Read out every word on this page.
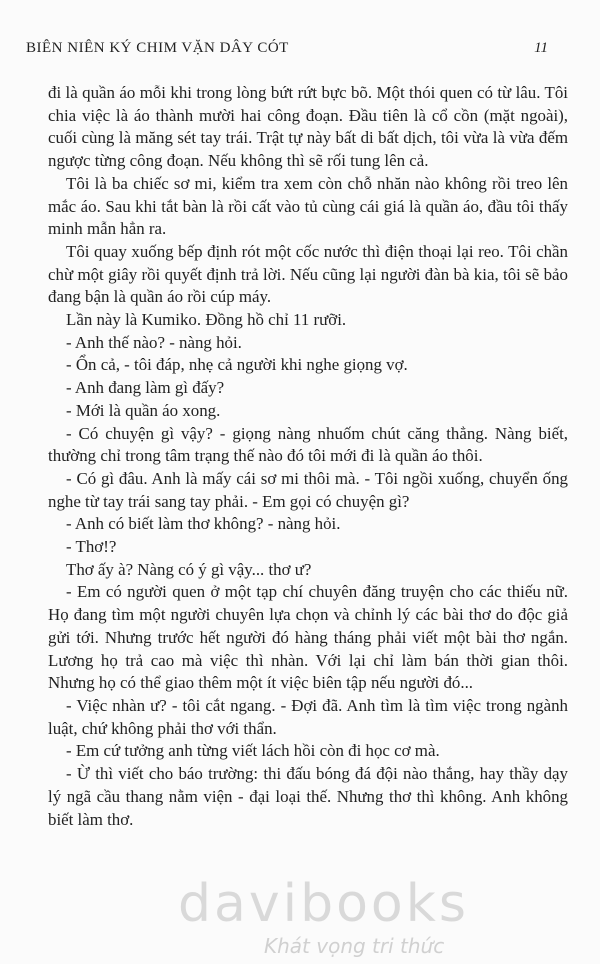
BIÊN NIÊN KÝ CHIM VẶN DÂY CÓT	11

đi là quần áo mỗi khi trong lòng bứt rứt bực bõ. Một thói quen có từ lâu. Tôi chia việc là áo thành mười hai công đoạn. Đầu tiên là cổ cồn (mặt ngoài), cuối cùng là măng sét tay trái. Trật tự này bất di bất dịch, tôi vừa là vừa đếm ngược từng công đoạn. Nếu không thì sẽ rối tung lên cả.

Tôi là ba chiếc sơ mi, kiểm tra xem còn chỗ nhăn nào không rồi treo lên mắc áo. Sau khi tắt bàn là rồi cất vào tủ cùng cái giá là quần áo, đầu tôi thấy minh mẫn hẳn ra.

Tôi quay xuống bếp định rót một cốc nước thì điện thoại lại reo. Tôi chần chừ một giây rồi quyết định trả lời. Nếu cũng lại người đàn bà kia, tôi sẽ bảo đang bận là quần áo rồi cúp máy.

Lần này là Kumiko. Đồng hồ chỉ 11 rưỡi.

- Anh thế nào? - nàng hỏi.

- Ổn cả, - tôi đáp, nhẹ cả người khi nghe giọng vợ.

- Anh đang làm gì đấy?

- Mới là quần áo xong.

- Có chuyện gì vậy? - giọng nàng nhuốm chút căng thẳng. Nàng biết, thường chỉ trong tâm trạng thế nào đó tôi mới đi là quần áo thôi.

- Có gì đâu. Anh là mấy cái sơ mi thôi mà. - Tôi ngồi xuống, chuyển ống nghe từ tay trái sang tay phải. - Em gọi có chuyện gì?

- Anh có biết làm thơ không? - nàng hỏi.

- Thơ!?

Thơ ấy à? Nàng có ý gì vậy... thơ ư?

- Em có người quen ở một tạp chí chuyên đăng truyện cho các thiếu nữ. Họ đang tìm một người chuyên lựa chọn và chỉnh lý các bài thơ do độc giả gửi tới. Nhưng trước hết người đó hàng tháng phải viết một bài thơ ngắn. Lương họ trả cao mà việc thì nhàn. Với lại chỉ làm bán thời gian thôi. Nhưng họ có thể giao thêm một ít việc biên tập nếu người đó...

- Việc nhàn ư? - tôi cắt ngang. - Đợi đã. Anh tìm là tìm việc trong ngành luật, chứ không phải thơ với thẩn.

- Em cứ tưởng anh từng viết lách hồi còn đi học cơ mà.

- Ừ thì viết cho báo trường: thi đấu bóng đá đội nào thắng, hay thầy dạy lý ngã cầu thang nằm viện - đại loại thế. Nhưng thơ thì không. Anh không biết làm thơ.

davibooks
Khát vọng tri thức
